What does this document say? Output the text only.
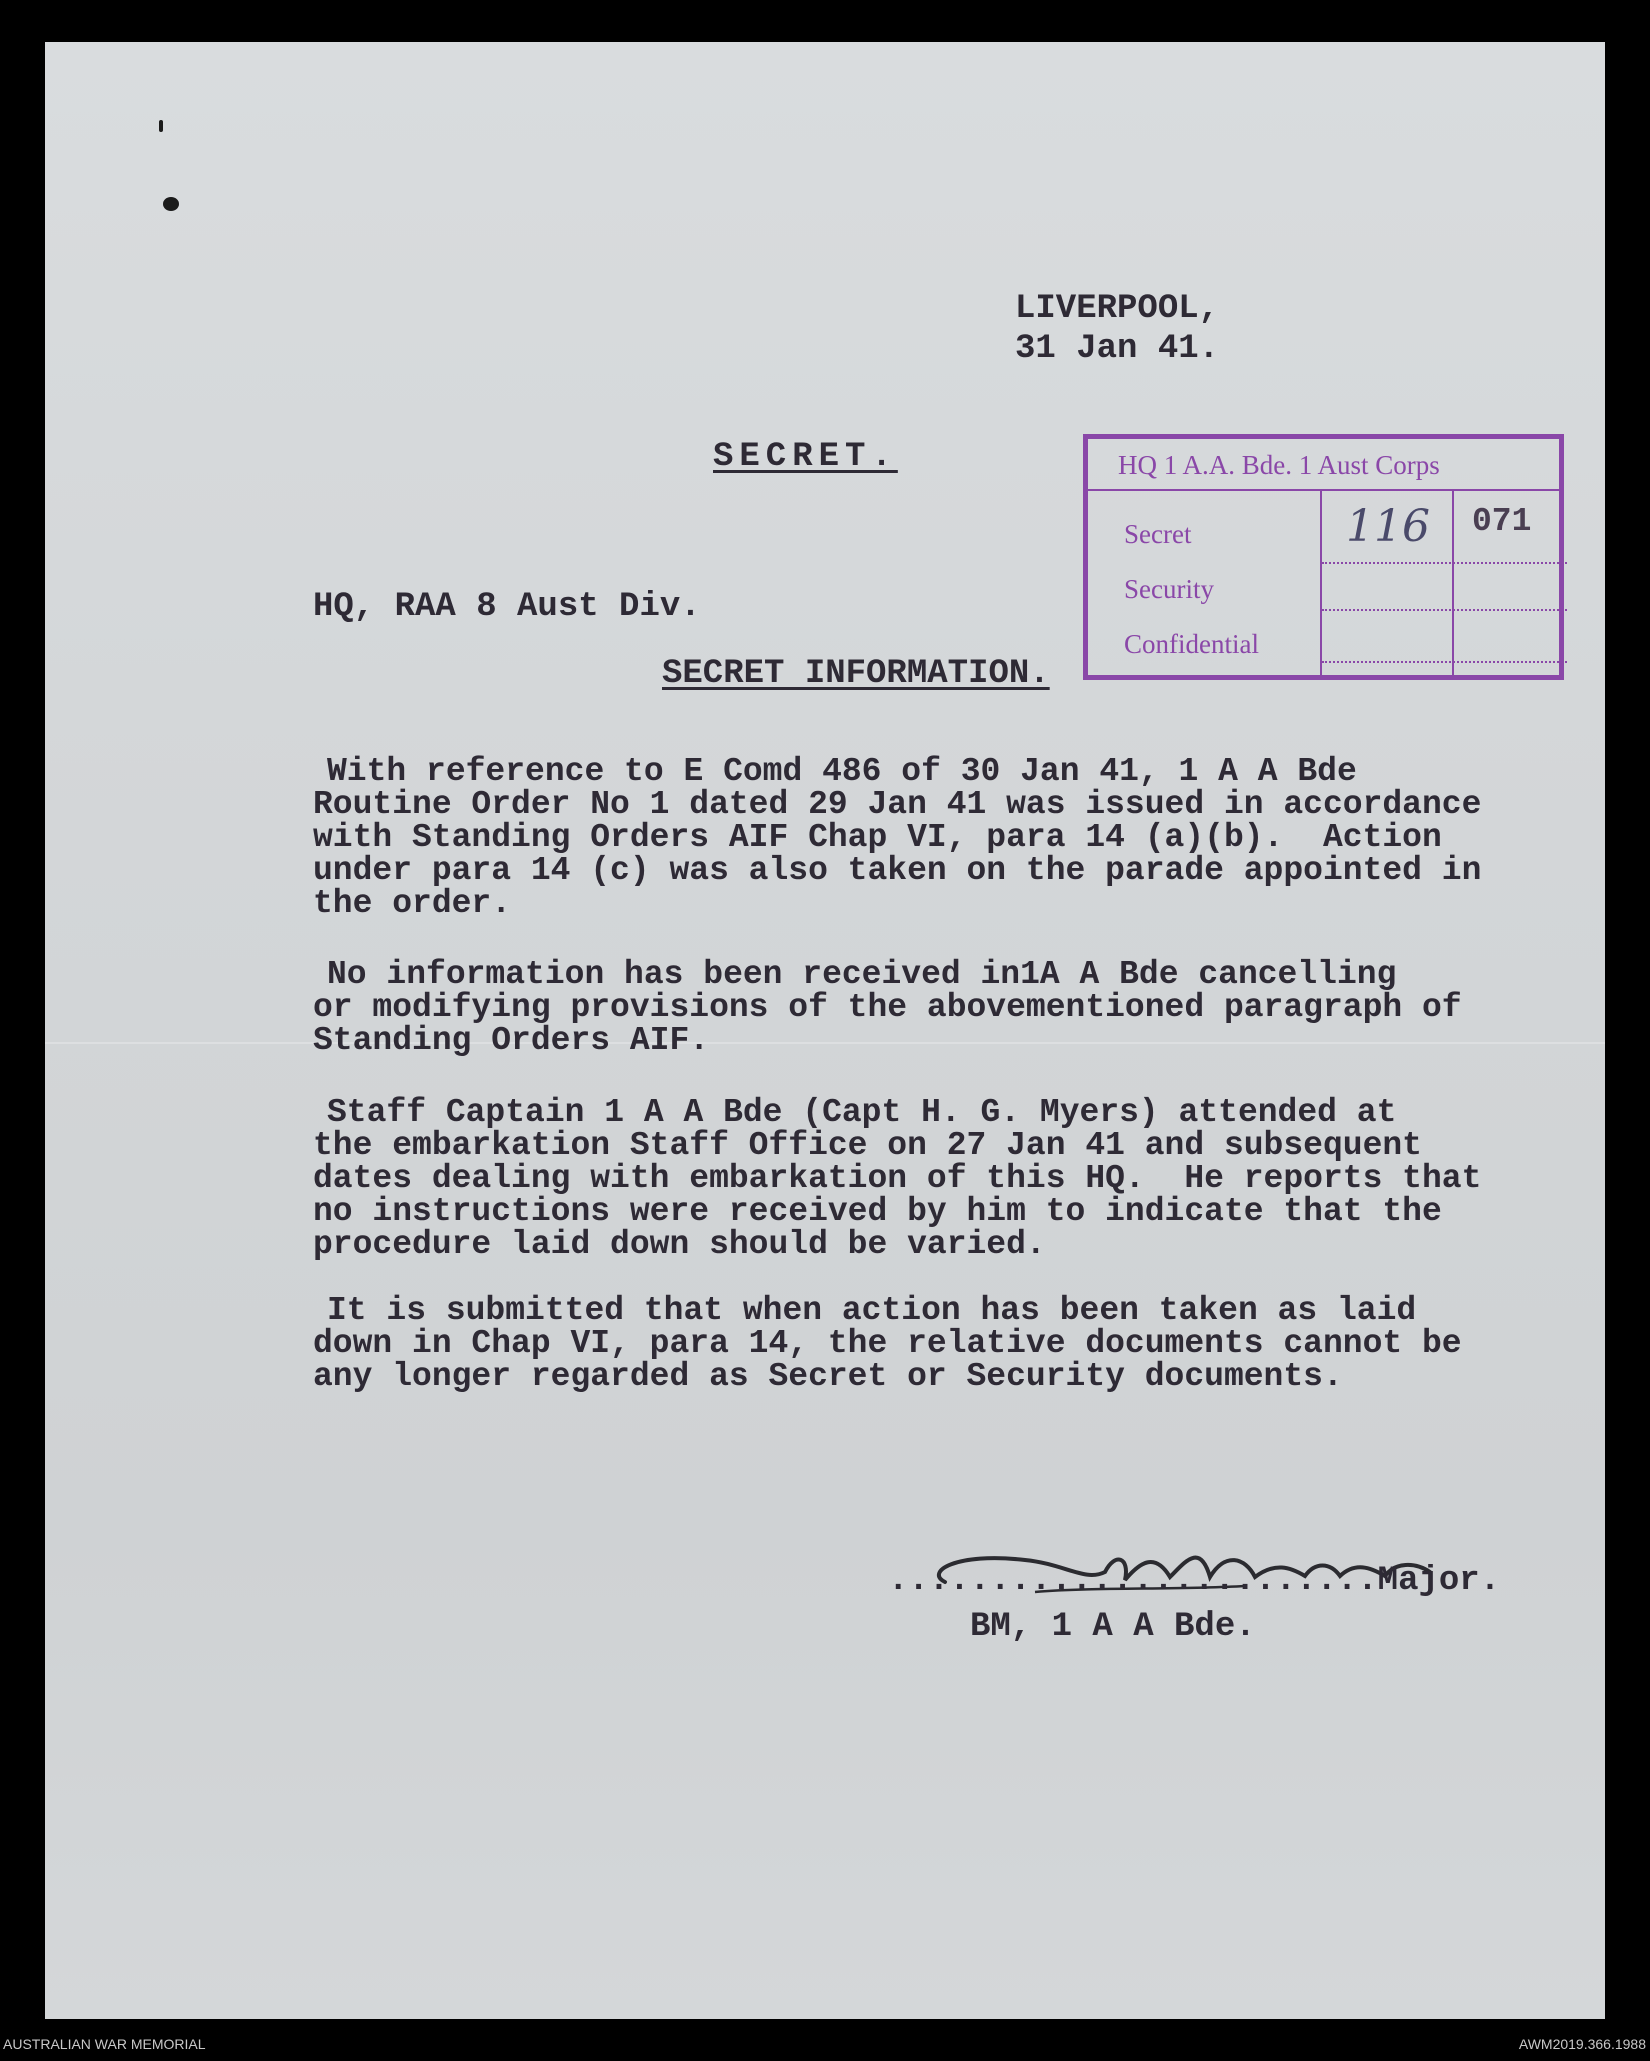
LIVERPOOL,
31 Jan 41.
SECRET.	HQ 1 A.A. Bde. 1 Aust Corps
Secret
Security
Confidential
116 071
HQ, RAA 8 Aust Div.
SECRET INFORMATION.

With reference to E Comd 486 of 30 Jan 41, 1 A A Bde

Routine Order No 1 dated 29 Jan 41 was issued in accordance

with Standing Orders AIF Chap VI, para 14 (a)(b).  Action

under para 14 (c) was also taken on the parade appointed in

the order.

No information has been received in1A A Bde cancelling

or modifying provisions of the abovementioned paragraph of

Standing Orders AIF.

Staff Captain 1 A A Bde (Capt H. G. Myers) attended at

the embarkation Staff Office on 27 Jan 41 and subsequent

dates dealing with embarkation of this HQ.  He reports that

no instructions were received by him to indicate that the

procedure laid down should be varied.

It is submitted that when action has been taken as laid

down in Chap VI, para 14, the relative documents cannot be

any longer regarded as Secret or Security documents.

........................Major.
BM, 1 A A Bde.
AUSTRALIAN WAR MEMORIAL	AWM2019.366.1988
